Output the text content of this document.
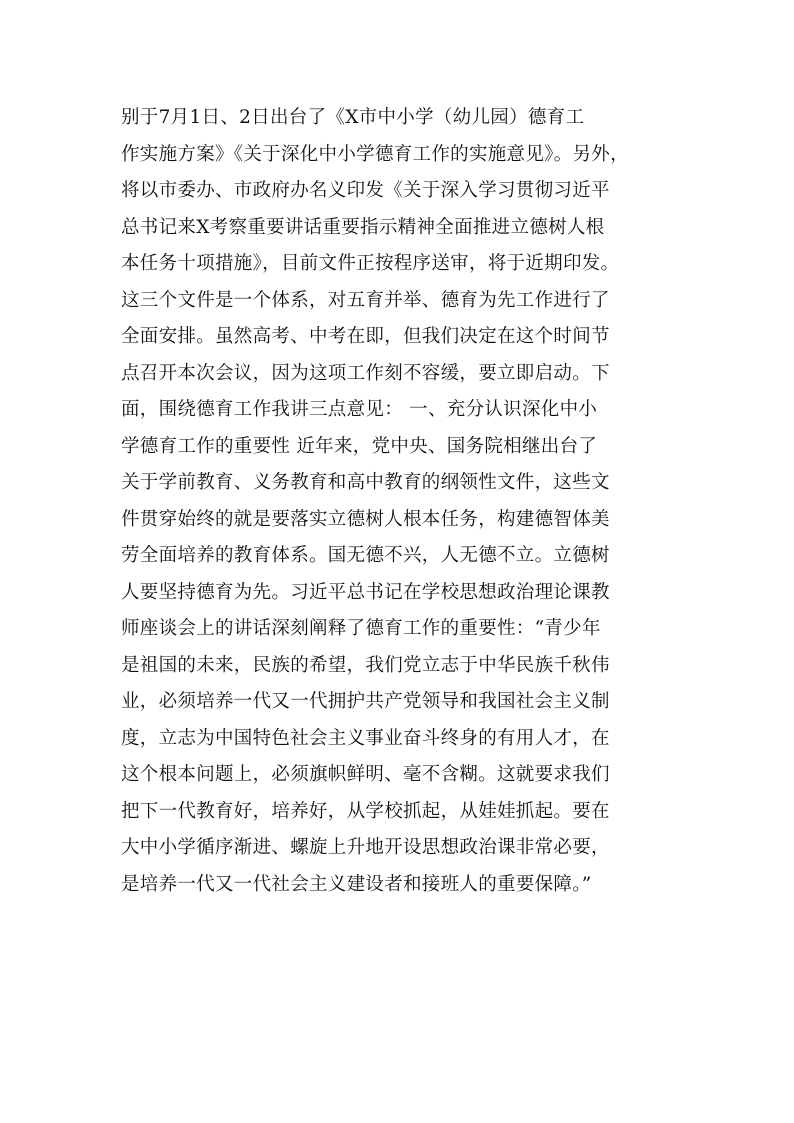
别于7月1日、2日出台了《X市中小学（幼儿园）德育工
作实施方案》《关于深化中小学德育工作的实施意见》。另外，
将以市委办、市政府办名义印发《关于深入学习贯彻习近平
总书记来X考察重要讲话重要指示精神全面推进立德树人根
本任务十项措施》，目前文件正按程序送审，将于近期印发。
这三个文件是一个体系，对五育并举、德育为先工作进行了
全面安排。虽然高考、中考在即，但我们决定在这个时间节
点召开本次会议，因为这项工作刻不容缓，要立即启动。下
面，围绕德育工作我讲三点意见： 一、充分认识深化中小
学德育工作的重要性 近年来，党中央、国务院相继出台了
关于学前教育、义务教育和高中教育的纲领性文件，这些文
件贯穿始终的就是要落实立德树人根本任务，构建德智体美
劳全面培养的教育体系。国无德不兴，人无德不立。立德树
人要坚持德育为先。习近平总书记在学校思想政治理论课教
师座谈会上的讲话深刻阐释了德育工作的重要性：“青少年
是祖国的未来，民族的希望，我们党立志于中华民族千秋伟
业，必须培养一代又一代拥护共产党领导和我国社会主义制
度，立志为中国特色社会主义事业奋斗终身的有用人才，在
这个根本问题上，必须旗帜鲜明、毫不含糊。这就要求我们
把下一代教育好，培养好，从学校抓起，从娃娃抓起。要在
大中小学循序渐进、螺旋上升地开设思想政治课非常必要，
是培养一代又一代社会主义建设者和接班人的重要保障。”
